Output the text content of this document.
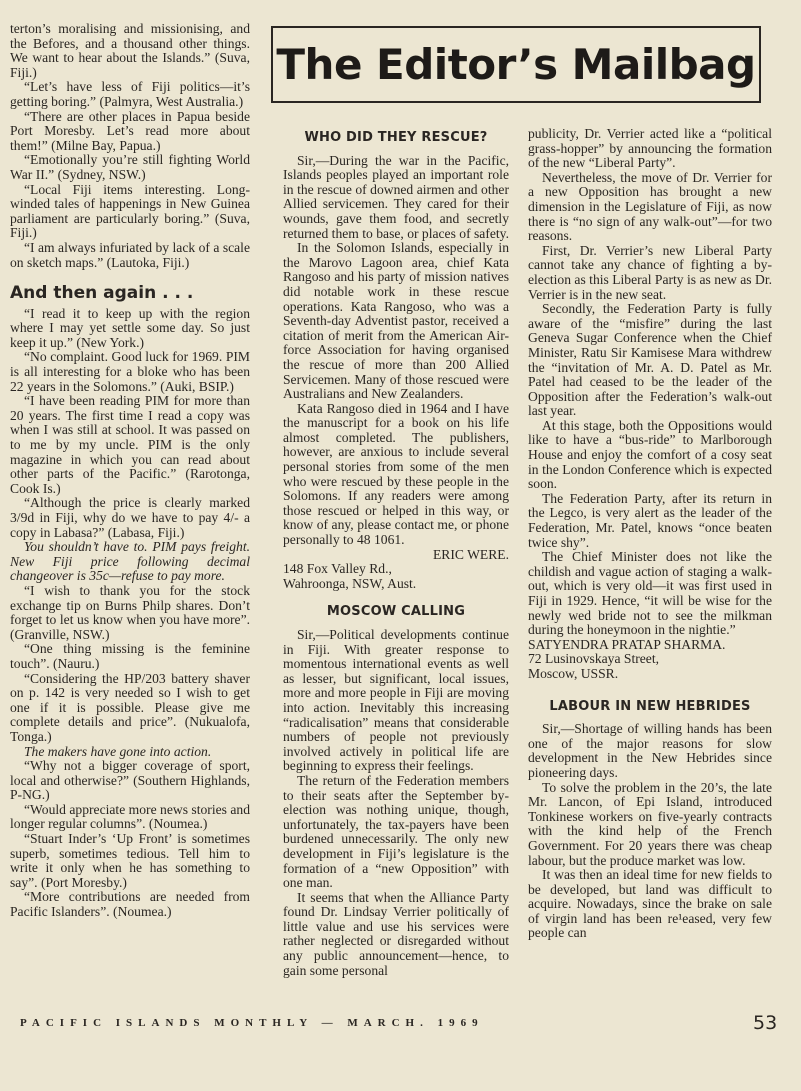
terton’s moralising and missionising, and the Befores, and a thousand other things. We want to hear about the Islands.” (Suva, Fiji.)

“Let’s have less of Fiji politics—it’s getting boring.” (Palmyra, West Australia.)

“There are other places in Papua beside Port Moresby. Let’s read more about them!” (Milne Bay, Papua.)

“Emotionally you’re still fighting World War II.” (Sydney, NSW.)

“Local Fiji items interesting. Long-winded tales of happenings in New Guinea parliament are particularly boring.” (Suva, Fiji.)

“I am always infuriated by lack of a scale on sketch maps.” (Lautoka, Fiji.)

And then again . . .

“I read it to keep up with the region where I may yet settle some day. So just keep it up.” (New York.)

“No complaint. Good luck for 1969. PIM is all interesting for a bloke who has been 22 years in the Solomons.” (Auki, BSIP.)

“I have been reading PIM for more than 20 years. The first time I read a copy was when I was still at school. It was passed on to me by my uncle. PIM is the only magazine in which you can read about other parts of the Pacific.” (Rarotonga, Cook Is.)

“Although the price is clearly marked 3/9d in Fiji, why do we have to pay 4/- a copy in Labasa?” (Labasa, Fiji.)

You shouldn’t have to. PIM pays freight. New Fiji price following decimal changeover is 35c—refuse to pay more.

“I wish to thank you for the stock exchange tip on Burns Philp shares. Don’t forget to let us know when you have more”. (Granville, NSW.)

“One thing missing is the feminine touch”. (Nauru.)

“Considering the HP/203 battery shaver on p. 142 is very needed so I wish to get one if it is possible. Please give me complete details and price”. (Nukualofa, Tonga.)

The makers have gone into action.

“Why not a bigger coverage of sport, local and otherwise?” (Southern Highlands, P-NG.)

“Would appreciate more news stories and longer regular columns”. (Noumea.)

“Stuart Inder’s ‘Up Front’ is sometimes superb, sometimes tedious. Tell him to write it only when he has something to say”. (Port Moresby.)

“More contributions are needed from Pacific Islanders”. (Noumea.)

The Editor’s Mailbag
WHO DID THEY RESCUE?

Sir,—During the war in the Pacific, Islands peoples played an important role in the rescue of downed airmen and other Allied servicemen. They cared for their wounds, gave them food, and secretly returned them to base, or places of safety.

In the Solomon Islands, especially in the Marovo Lagoon area, chief Kata Rangoso and his party of mission natives did notable work in these rescue operations. Kata Rangoso, who was a Seventh-day Adventist pastor, received a citation of merit from the American Air-force Association for having organised the rescue of more than 200 Allied Servicemen. Many of those rescued were Australians and New Zealanders.

Kata Rangoso died in 1964 and I have the manuscript for a book on his life almost completed. The publishers, however, are anxious to include several personal stories from some of the men who were rescued by these people in the Solomons. If any readers were among those rescued or helped in this way, or know of any, please contact me, or phone personally to 48 1061.

ERIC WERE.

148 Fox Valley Rd.,

Wahroonga, NSW, Aust.

MOSCOW CALLING

Sir,—Political developments continue in Fiji. With greater response to momentous international events as well as lesser, but significant, local issues, more and more people in Fiji are moving into action. Inevitably this increasing “radicalisation” means that considerable numbers of people not previously involved actively in political life are beginning to express their feelings.

The return of the Federation members to their seats after the September by-election was nothing unique, though, unfortunately, the tax-payers have been burdened unnecessarily. The only new development in Fiji’s legislature is the formation of a “new Opposition” with one man.

It seems that when the Alliance Party found Dr. Lindsay Verrier politically of little value and use his services were rather neglected or disregarded without any public announcement—hence, to gain some personal

publicity, Dr. Verrier acted like a “political grass-hopper” by announcing the formation of the new “Liberal Party”.

Nevertheless, the move of Dr. Verrier for a new Opposition has brought a new dimension in the Legislature of Fiji, as now there is “no sign of any walk-out”—for two reasons.

First, Dr. Verrier’s new Liberal Party cannot take any chance of fighting a by-election as this Liberal Party is as new as Dr. Verrier is in the new seat.

Secondly, the Federation Party is fully aware of the “misfire” during the last Geneva Sugar Conference when the Chief Minister, Ratu Sir Kamisese Mara withdrew the “invitation of Mr. A. D. Patel as Mr. Patel had ceased to be the leader of the Opposition after the Federation’s walk-out last year.

At this stage, both the Oppositions would like to have a “bus-ride” to Marlborough House and enjoy the comfort of a cosy seat in the London Conference which is expected soon.

The Federation Party, after its return in the Legco, is very alert as the leader of the Federation, Mr. Patel, knows “once beaten twice shy”.

The Chief Minister does not like the childish and vague action of staging a walk-out, which is very old—it was first used in Fiji in 1929. Hence, “it will be wise for the newly wed bride not to see the milkman during the honeymoon in the nightie.”

SATYENDRA PRATAP SHARMA.

72 Lusinovskaya Street,

Moscow, USSR.

LABOUR IN NEW HEBRIDES

Sir,—Shortage of willing hands has been one of the major reasons for slow development in the New Hebrides since pioneering days.

To solve the problem in the 20’s, the late Mr. Lancon, of Epi Island, introduced Tonkinese workers on five-yearly contracts with the kind help of the French Government. For 20 years there was cheap labour, but the produce market was low.

It was then an ideal time for new fields to be developed, but land was difficult to acquire. Nowadays, since the brake on sale of virgin land has been re¹eased, very few people can

PACIFIC ISLANDS MONTHLY — MARCH. 1969	53
